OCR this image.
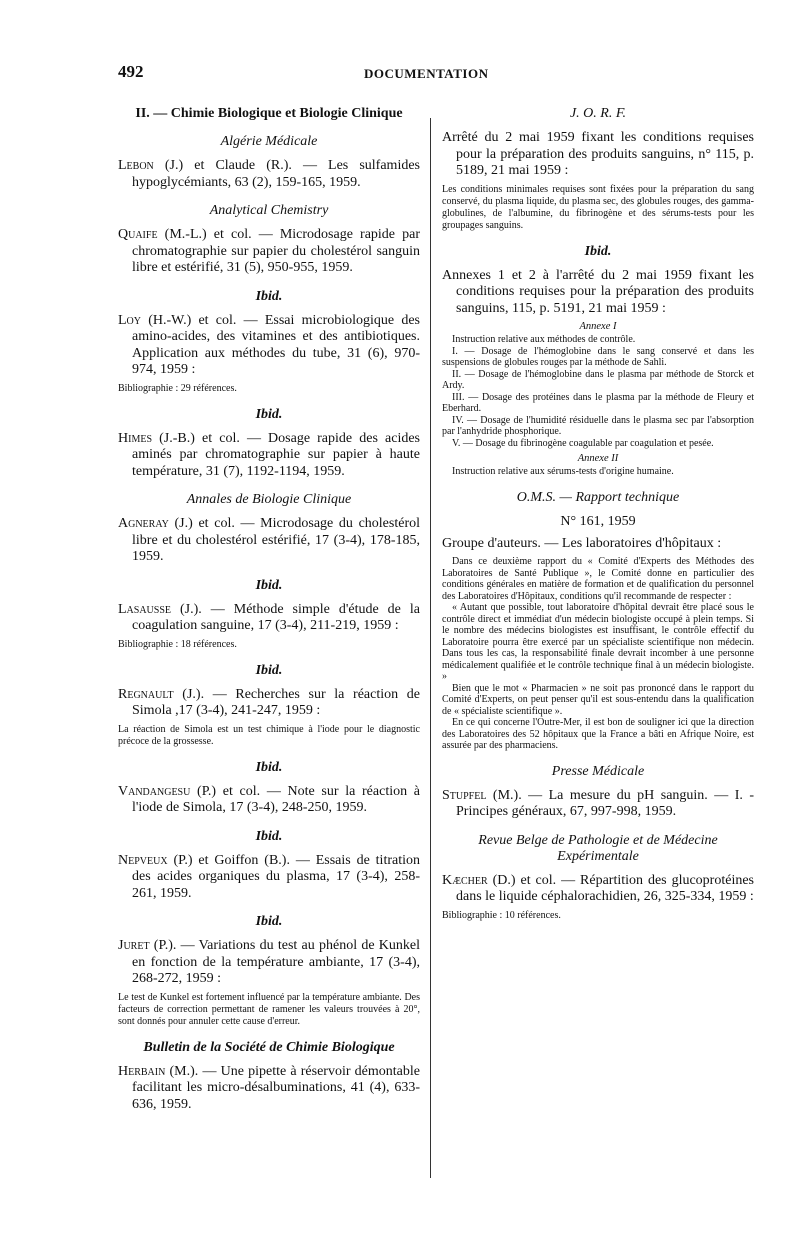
492	DOCUMENTATION
II. — Chimie Biologique et Biologie Clinique
Algérie Médicale
Lebon (J.) et Claude (R.). — Les sulfamides hypoglycémiants, 63 (2), 159-165, 1959.
Analytical Chemistry
Quaife (M.-L.) et col. — Microdosage rapide par chromatographie sur papier du cholestérol sanguin libre et estérifié, 31 (5), 950-955, 1959.
Ibid.
Loy (H.-W.) et col. — Essai microbiologique des amino-acides, des vitamines et des antibiotiques. Application aux méthodes du tube, 31 (6), 970-974, 1959 :
Bibliographie : 29 références.
Ibid.
Himes (J.-B.) et col. — Dosage rapide des acides aminés par chromatographie sur papier à haute température, 31 (7), 1192-1194, 1959.
Annales de Biologie Clinique
Agneray (J.) et col. — Microdosage du cholestérol libre et du cholestérol estérifié, 17 (3-4), 178-185, 1959.
Ibid.
Lasausse (J.). — Méthode simple d'étude de la coagulation sanguine, 17 (3-4), 211-219, 1959 :
Bibliographie : 18 références.
Ibid.
Regnault (J.). — Recherches sur la réaction de Simola ,17 (3-4), 241-247, 1959 :
La réaction de Simola est un test chimique à l'iode pour le diagnostic précoce de la grossesse.
Ibid.
Vandangesu (P.) et col. — Note sur la réaction à l'iode de Simola, 17 (3-4), 248-250, 1959.
Ibid.
Nepveux (P.) et Goiffon (B.). — Essais de titration des acides organiques du plasma, 17 (3-4), 258-261, 1959.
Ibid.
Juret (P.). — Variations du test au phénol de Kunkel en fonction de la température ambiante, 17 (3-4), 268-272, 1959 :
Le test de Kunkel est fortement influencé par la température ambiante. Des facteurs de correction permettant de ramener les valeurs trouvées à 20°, sont donnés pour annuler cette cause d'erreur.
Bulletin de la Société de Chimie Biologique
Herbain (M.). — Une pipette à réservoir démontable facilitant les micro-désalbuminations, 41 (4), 633-636, 1959.
J. O. R. F.
Arrêté du 2 mai 1959 fixant les conditions requises pour la préparation des produits sanguins, n° 115, p. 5189, 21 mai 1959 :
Les conditions minimales requises sont fixées pour la préparation du sang conservé, du plasma liquide, du plasma sec, des globules rouges, des gamma-globulines, de l'albumine, du fibrinogène et des sérums-tests pour les groupages sanguins.
Ibid.
Annexes 1 et 2 à l'arrêté du 2 mai 1959 fixant les conditions requises pour la préparation des produits sanguins, 115, p. 5191, 21 mai 1959 :
Annexe I

Instruction relative aux méthodes de contrôle.

I. — Dosage de l'hémoglobine dans le sang conservé et dans les suspensions de globules rouges par la méthode de Sahli.

II. — Dosage de l'hémoglobine dans le plasma par méthode de Storck et Ardy.

III. — Dosage des protéines dans le plasma par la méthode de Fleury et Eberhard.

IV. — Dosage de l'humidité résiduelle dans le plasma sec par l'absorption par l'anhydride phosphorique.

V. — Dosage du fibrinogène coagulable par coagulation et pesée.

Annexe II

Instruction relative aux sérums-tests d'origine humaine.

O.M.S. — Rapport technique
N° 161, 1959
Groupe d'auteurs. — Les laboratoires d'hôpitaux :

Dans ce deuxième rapport du « Comité d'Experts des Méthodes des Laboratoires de Santé Publique », le Comité donne en particulier des conditions générales en matière de formation et de qualification du personnel des Laboratoires d'Hôpitaux, conditions qu'il recommande de respecter :

« Autant que possible, tout laboratoire d'hôpital devrait être placé sous le contrôle direct et immédiat d'un médecin biologiste occupé à plein temps. Si le nombre des médecins biologistes est insuffisant, le contrôle effectif du Laboratoire pourra être exercé par un spécialiste scientifique non médecin. Dans tous les cas, la responsabilité finale devrait incomber à une personne médicalement qualifiée et le contrôle technique final à un médecin biologiste. »

Bien que le mot « Pharmacien » ne soit pas prononcé dans le rapport du Comité d'Experts, on peut penser qu'il est sous-entendu dans la qualification de « spécialiste scientifique ».

En ce qui concerne l'Outre-Mer, il est bon de souligner ici que la direction des Laboratoires des 52 hôpitaux que la France a bâti en Afrique Noire, est assurée par des pharmaciens.

Presse Médicale
Stupfel (M.). — La mesure du pH sanguin. — I. - Principes généraux, 67, 997-998, 1959.
Revue Belge de Pathologie et de Médecine Expérimentale
Kæcher (D.) et col. — Répartition des glucoprotéines dans le liquide céphalorachidien, 26, 325-334, 1959 :
Bibliographie : 10 références.
